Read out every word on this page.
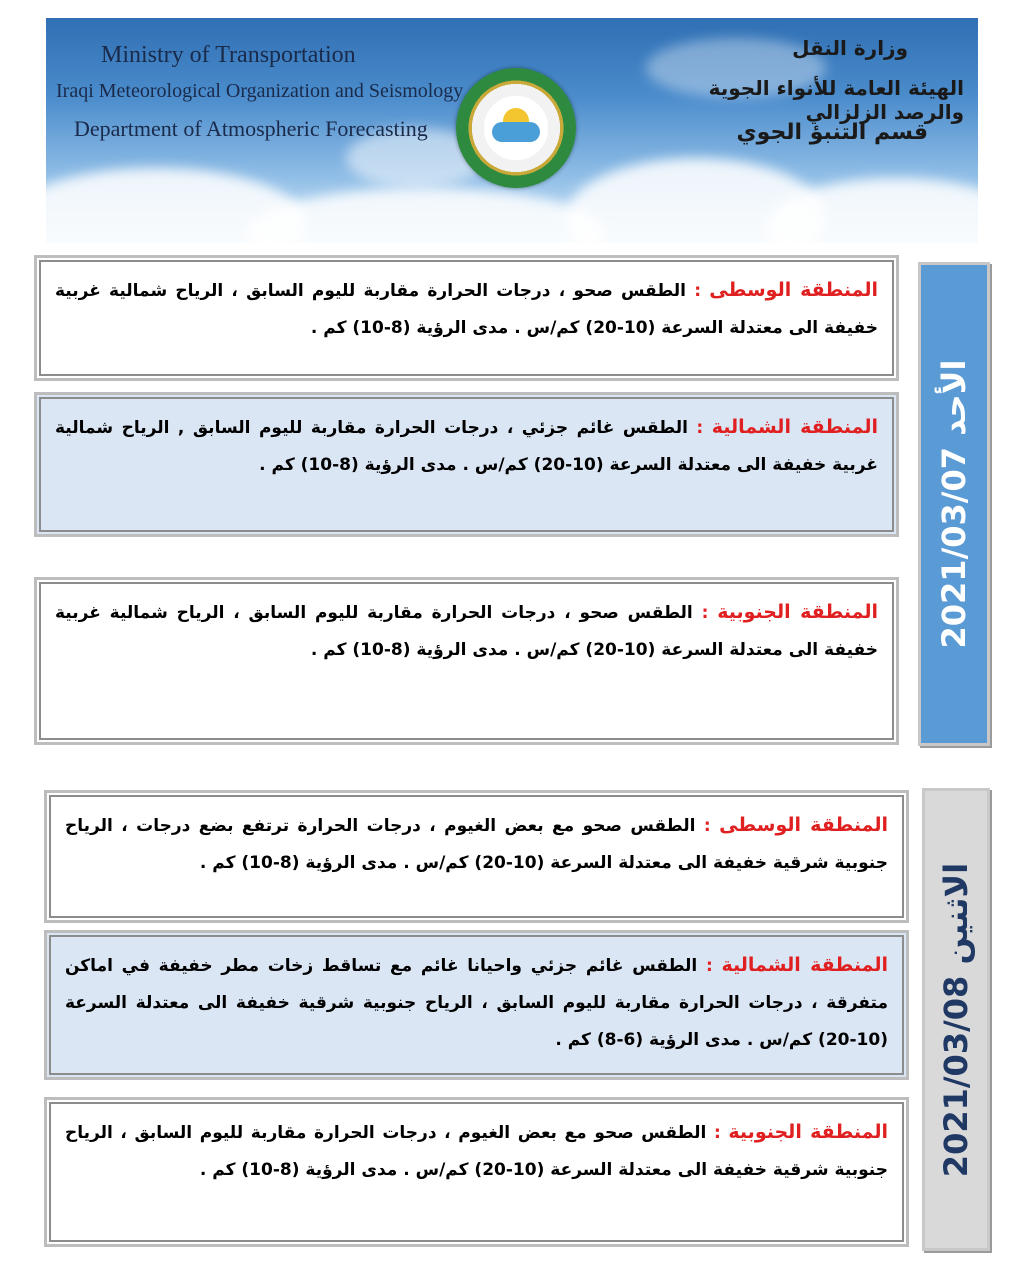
Ministry of Transportation
Iraqi Meteorological Organization and Seismology
Department of Atmospheric Forecasting
وزارة النقل
الهيئة العامة للأنواء الجوية والرصد الزلزالي
قسم التنبؤ الجوي
الأحد 2021/03/07

المنطقة الوسطى : الطقس صحو ، درجات الحرارة مقاربة لليوم السابق ، الرياح شمالية غربية خفيفة الى معتدلة السرعة (10-20) كم/س . مدى الرؤية (8-10) كم .

المنطقة الشمالية : الطقس غائم جزئي ، درجات الحرارة مقاربة لليوم السابق , الرياح شمالية غربية خفيفة الى معتدلة السرعة (10-20) كم/س . مدى الرؤية (8-10) كم .

المنطقة الجنوبية : الطقس صحو ، درجات الحرارة مقاربة لليوم السابق ، الرياح شمالية غربية خفيفة الى معتدلة السرعة (10-20) كم/س . مدى الرؤية (8-10) كم .

الاثنين 2021/03/08

المنطقة الوسطى : الطقس صحو مع بعض الغيوم ، درجات الحرارة ترتفع بضع درجات ، الرياح جنوبية شرقية خفيفة الى معتدلة السرعة (10-20) كم/س . مدى الرؤية (8-10) كم .

المنطقة الشمالية : الطقس غائم جزئي واحيانا غائم مع تساقط زخات مطر خفيفة في اماكن متفرقة ، درجات الحرارة مقاربة لليوم السابق ، الرياح جنوبية شرقية خفيفة الى معتدلة السرعة (10-20) كم/س . مدى الرؤية (6-8) كم .

المنطقة الجنوبية : الطقس صحو مع بعض الغيوم ، درجات الحرارة مقاربة لليوم السابق ، الرياح جنوبية شرقية خفيفة الى معتدلة السرعة (10-20) كم/س . مدى الرؤية (8-10) كم .
